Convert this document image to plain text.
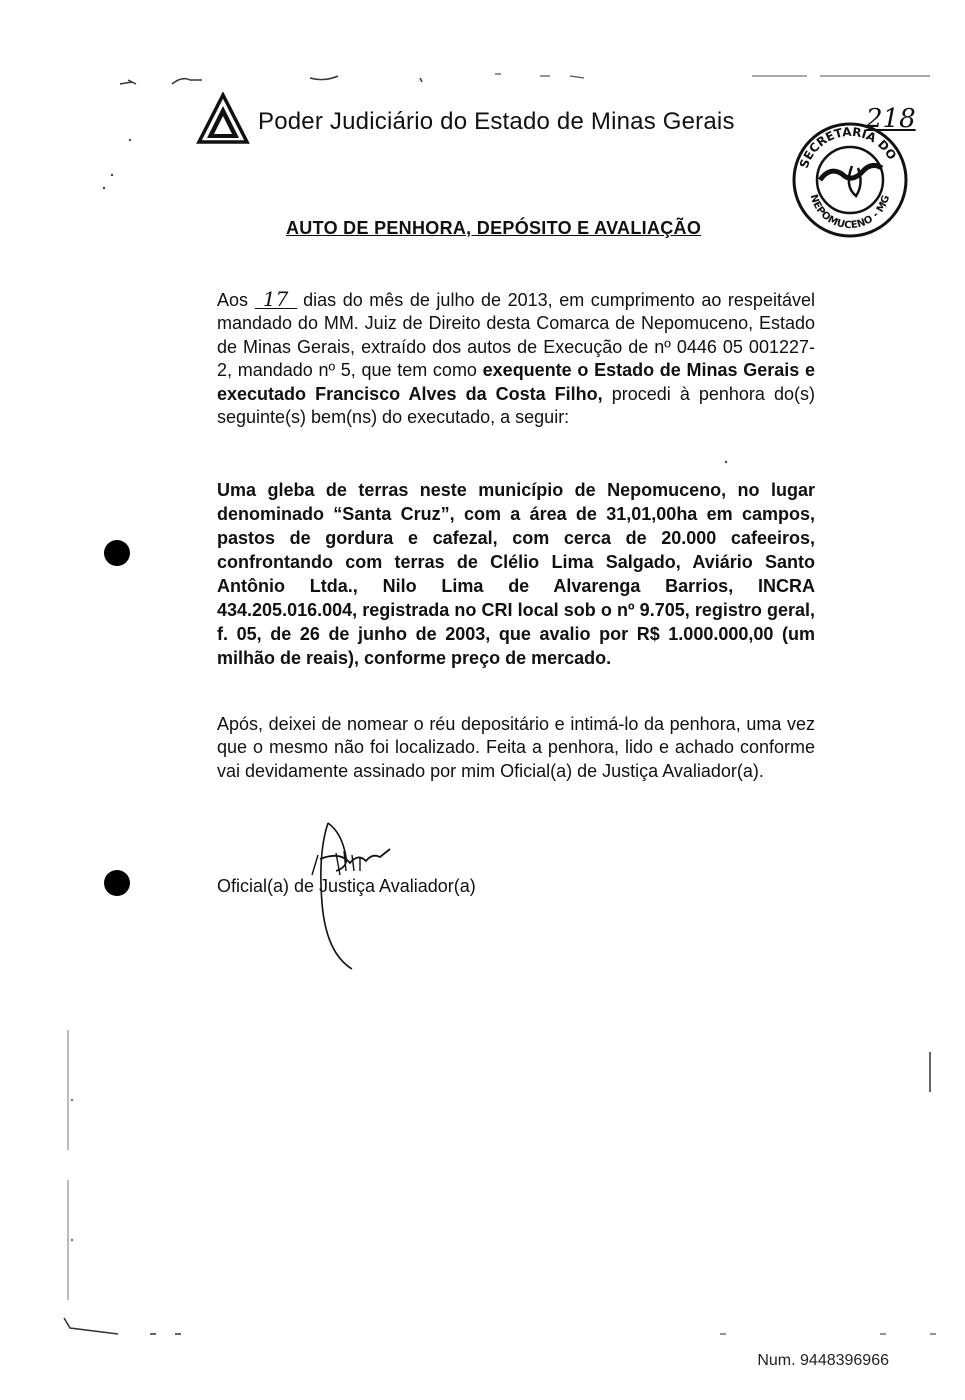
Poder Judiciário do Estado de Minas Gerais
SECRETARIA DO
NEPOMUCENO - MG
218
AUTO DE PENHORA, DEPÓSITO E AVALIAÇÃO
Aos 17 dias do mês de julho de 2013, em cumprimento ao respeitável mandado do MM. Juiz de Direito desta Comarca de Nepomuceno, Estado de Minas Gerais, extraído dos autos de Execução de nº 0446 05 001227-2, mandado nº 5, que tem como exequente o Estado de Minas Gerais e executado Francisco Alves da Costa Filho, procedi à penhora do(s) seguinte(s) bem(ns) do executado, a seguir:
Uma gleba de terras neste município de Nepomuceno, no lugar denominado “Santa Cruz”, com a área de 31,01,00ha em campos, pastos de gordura e cafezal, com cerca de 20.000 cafeeiros, confrontando com terras de Clélio Lima Salgado, Aviário Santo Antônio Ltda., Nilo Lima de Alvarenga Barrios, INCRA 434.205.016.004, registrada no CRI local sob o nº 9.705, registro geral, f. 05, de 26 de junho de 2003, que avalio por R$ 1.000.000,00 (um milhão de reais), conforme preço de mercado.
Após, deixei de nomear o réu depositário e intimá-lo da penhora, uma vez que o mesmo não foi localizado. Feita a penhora, lido e achado conforme vai devidamente assinado por mim Oficial(a) de Justiça Avaliador(a).
Oficial(a) de Justiça Avaliador(a)
Num. 9448396966
